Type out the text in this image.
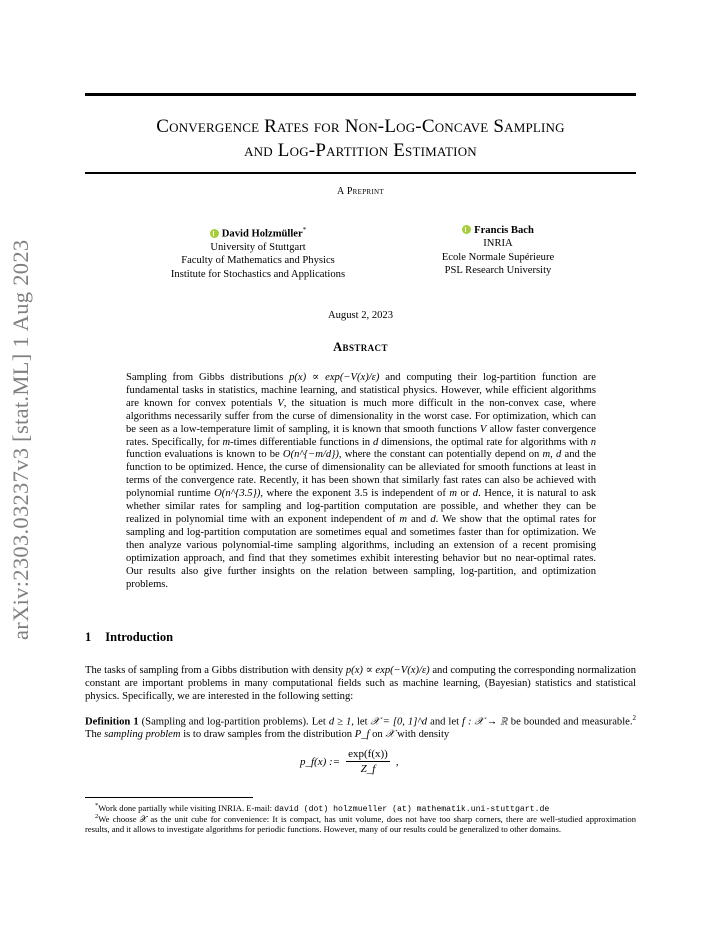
arXiv:2303.03237v3 [stat.ML] 1 Aug 2023
Convergence Rates for Non-Log-Concave Sampling
and Log-Partition Estimation
A Preprint
David Holzmüller*
University of Stuttgart
Faculty of Mathematics and Physics
Institute for Stochastics and Applications
Francis Bach
INRIA
Ecole Normale Supérieure
PSL Research University
August 2, 2023
Abstract
Sampling from Gibbs distributions p(x) ∝ exp(−V(x)/ε) and computing their log-partition function are fundamental tasks in statistics, machine learning, and statistical physics. However, while efficient algorithms are known for convex potentials V, the situation is much more difficult in the non-convex case, where algorithms necessarily suffer from the curse of dimensionality in the worst case. For optimization, which can be seen as a low-temperature limit of sampling, it is known that smooth functions V allow faster convergence rates. Specifically, for m-times differentiable functions in d dimensions, the optimal rate for algorithms with n function evaluations is known to be O(n^{−m/d}), where the constant can potentially depend on m, d and the function to be optimized. Hence, the curse of dimensionality can be alleviated for smooth functions at least in terms of the convergence rate. Recently, it has been shown that similarly fast rates can also be achieved with polynomial runtime O(n^{3.5}), where the exponent 3.5 is independent of m or d. Hence, it is natural to ask whether similar rates for sampling and log-partition computation are possible, and whether they can be realized in polynomial time with an exponent independent of m and d. We show that the optimal rates for sampling and log-partition computation are sometimes equal and sometimes faster than for optimization. We then analyze various polynomial-time sampling algorithms, including an extension of a recent promising optimization approach, and find that they sometimes exhibit interesting behavior but no near-optimal rates. Our results also give further insights on the relation between sampling, log-partition, and optimization problems.
1 Introduction
The tasks of sampling from a Gibbs distribution with density p(x) ∝ exp(−V(x)/ε) and computing the corresponding normalization constant are important problems in many computational fields such as machine learning, (Bayesian) statistics and statistical physics. Specifically, we are interested in the following setting:
Definition 1 (Sampling and log-partition problems). Let d ≥ 1, let 𝒳 = [0, 1]^d and let f : 𝒳 → ℝ be bounded and measurable.$^2$ The sampling problem is to draw samples from the distribution P_f on 𝒳 with density
p_f(x) := $\frac{\exp(f(x))}{Z\_f}$ ,
*Work done partially while visiting INRIA. E-mail: david (dot) holzmueller (at) mathematik.uni-stuttgart.de
$^2$We choose 𝒳 as the unit cube for convenience: It is compact, has unit volume, does not have too sharp corners, there are well-studied approximation results, and it allows to investigate algorithms for periodic functions. However, many of our results could be generalized to other domains.
